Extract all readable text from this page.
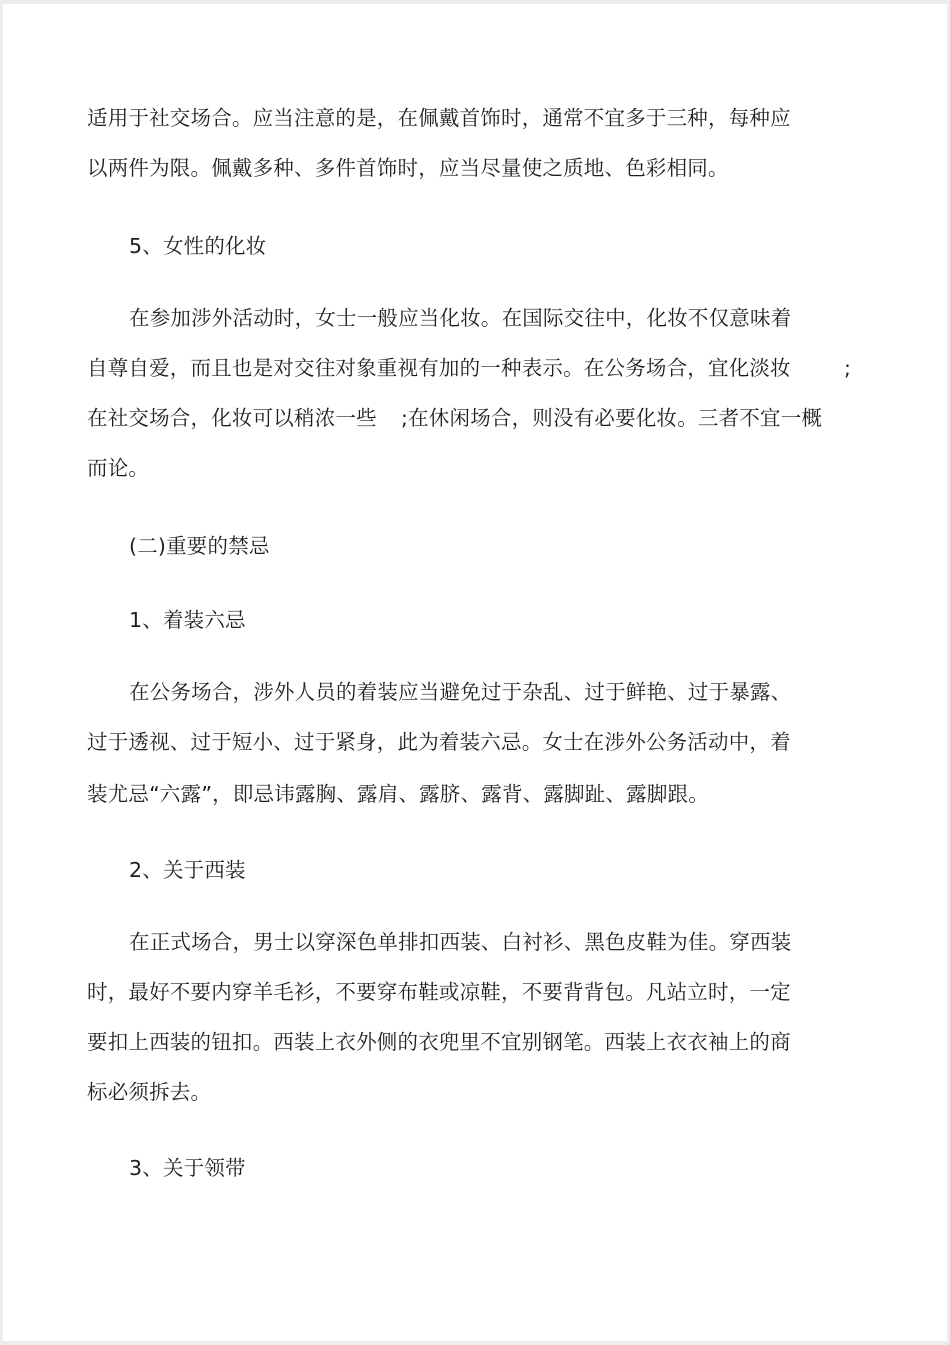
适用于社交场合。应当注意的是，在佩戴首饰时，通常不宜多于三种，每种应
以两件为限。佩戴多种、多件首饰时，应当尽量使之质地、色彩相同。
5、女性的化妆
在参加涉外活动时，女士一般应当化妆。在国际交往中，化妆不仅意味着
自尊自爱，而且也是对交往对象重视有加的一种表示。在公务场合，宜化淡妆	;
在社交场合，化妆可以稍浓一些 ;在休闲场合，则没有必要化妆。三者不宜一概
而论。
(二)重要的禁忌
1、着装六忌
在公务场合，涉外人员的着装应当避免过于杂乱、过于鲜艳、过于暴露、
过于透视、过于短小、过于紧身，此为着装六忌。女士在涉外公务活动中，着
装尤忌“六露”，即忌讳露胸、露肩、露脐、露背、露脚趾、露脚跟。
2、关于西装
在正式场合，男士以穿深色单排扣西装、白衬衫、黑色皮鞋为佳。穿西装
时，最好不要内穿羊毛衫，不要穿布鞋或凉鞋，不要背背包。凡站立时，一定
要扣上西装的钮扣。西装上衣外侧的衣兜里不宜别钢笔。西装上衣衣袖上的商
标必须拆去。
3、关于领带
